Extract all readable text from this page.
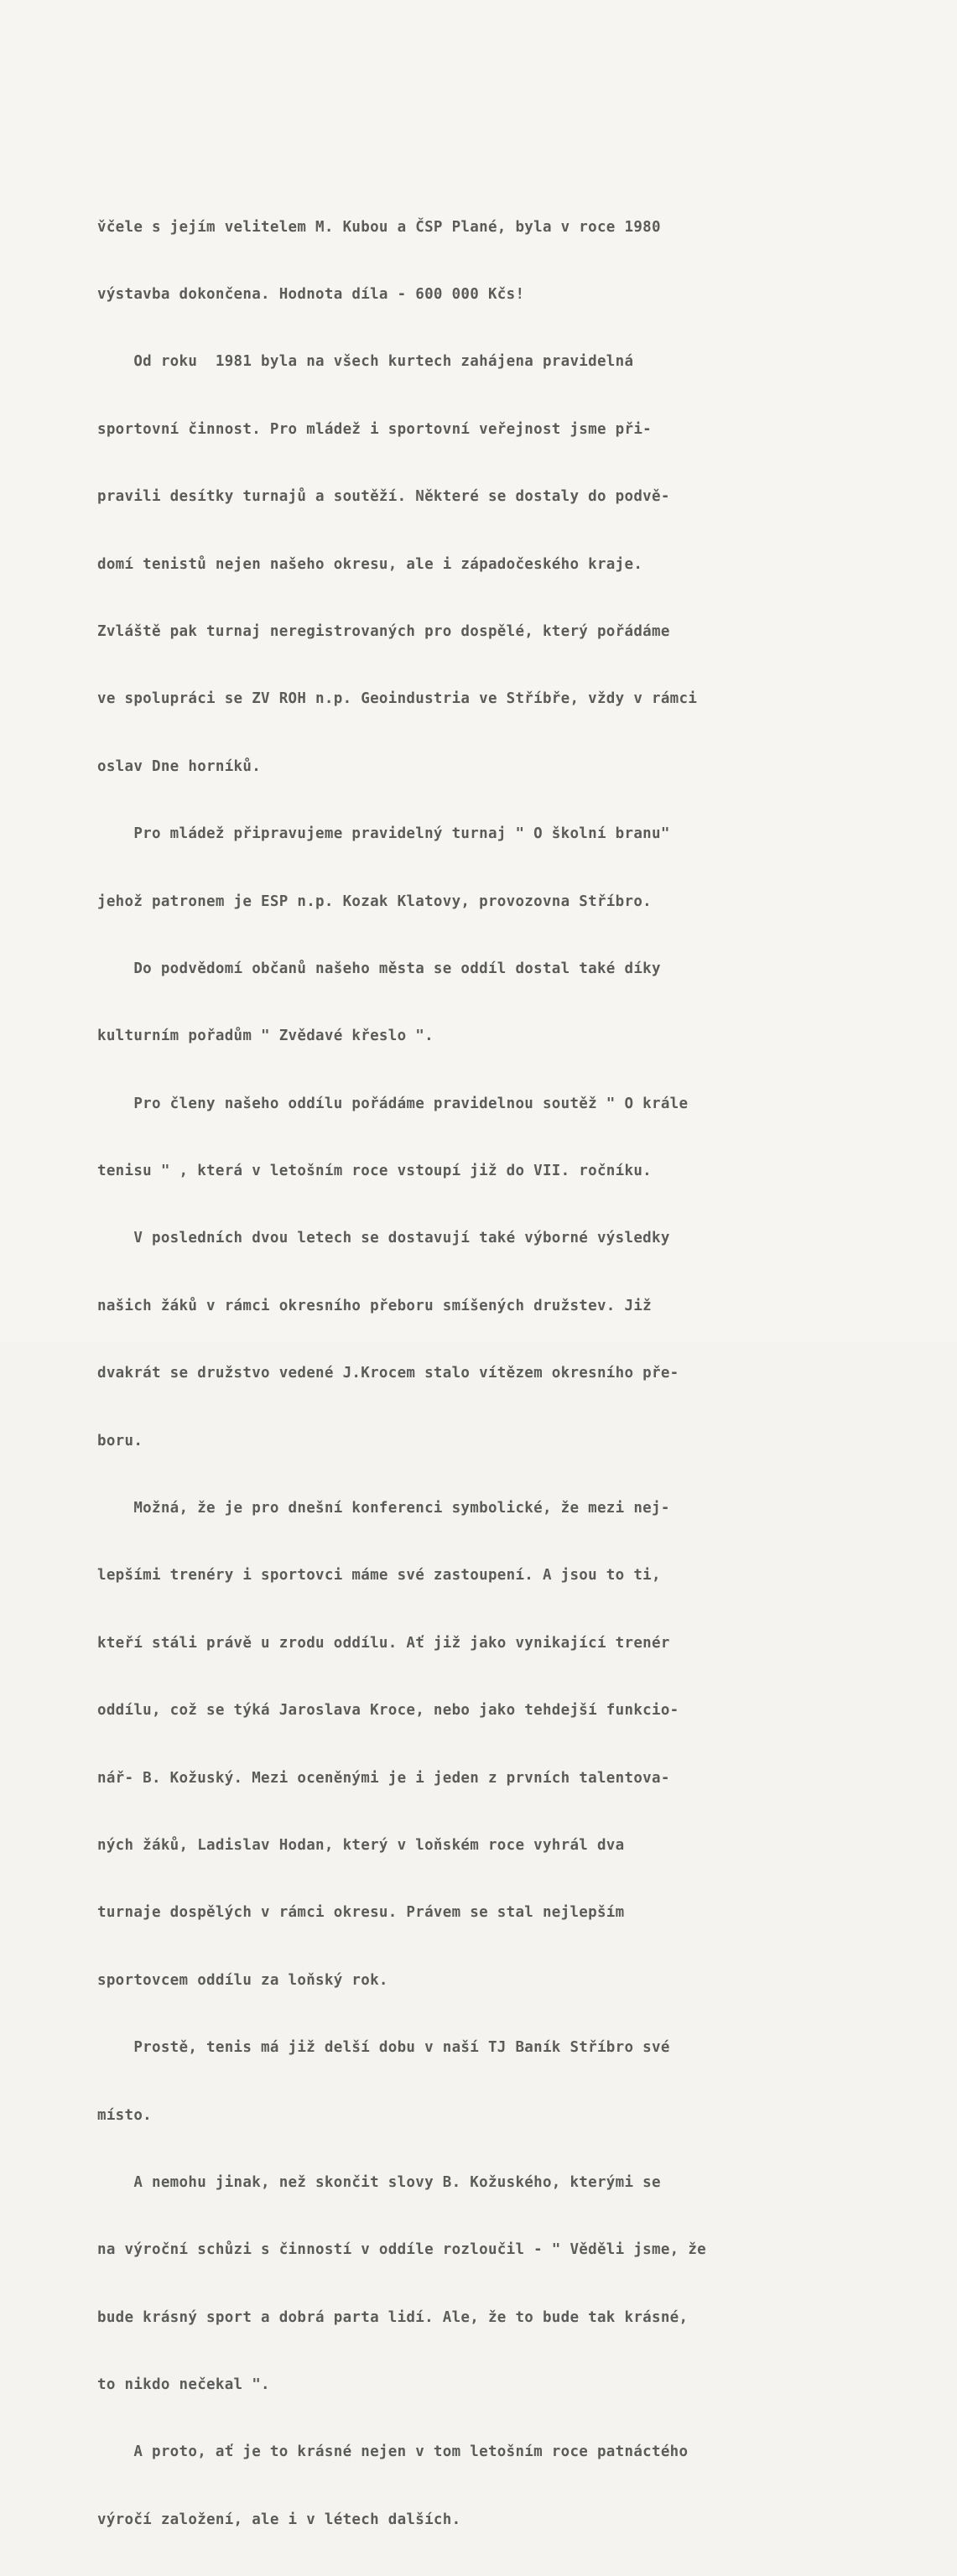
v̌čele s jejím velitelem M. Kubou a ČSP Plané, byla v roce 1980

výstavba dokončena. Hodnota díla - 600 000 Kčs!

Od roku  1981 byla na všech kurtech zahájena pravidelná

sportovní činnost. Pro mládež i sportovní veřejnost jsme při-

pravili desítky turnajů a soutěží. Některé se dostaly do podvě-

domí tenistů nejen našeho okresu, ale i západočeského kraje.

Zvláště pak turnaj neregistrovaných pro dospělé, který pořádáme

ve spolupráci se ZV ROH n.p. Geoindustria ve Stříbře, vždy v rámci

oslav Dne horníků.

Pro mládež připravujeme pravidelný turnaj " O školní branu"

jehož patronem je ESP n.p. Kozak Klatovy, provozovna Stříbro.

Do podvědomí občanů našeho města se oddíl dostal také díky

kulturním pořadům " Zvědavé křeslo ".

Pro členy našeho oddílu pořádáme pravidelnou soutěž " O krále

tenisu " , která v letošním roce vstoupí již do VII. ročníku.

V posledních dvou letech se dostavují také výborné výsledky

našich žáků v rámci okresního přeboru smíšených družstev. Již

dvakrát se družstvo vedené J.Krocem stalo vítězem okresního pře-

boru.

Možná, že je pro dnešní konferenci symbolické, že mezi nej-

lepšími trenéry i sportovci máme své zastoupení. A jsou to ti,

kteří stáli právě u zrodu oddílu. Ať již jako vynikající trenér

oddílu, což se týká Jaroslava Kroce, nebo jako tehdejší funkcio-

nář- B. Kožuský. Mezi oceněnými je i jeden z prvních talentova-

ných žáků, Ladislav Hodan, který v loňském roce vyhrál dva

turnaje dospělých v rámci okresu. Právem se stal nejlepším

sportovcem oddílu za loňský rok.

Prostě, tenis má již delší dobu v naší TJ Baník Stříbro své

místo.

A nemohu jinak, než skončit slovy B. Kožuského, kterými se

na výroční schůzi s činností v oddíle rozloučil - " Věděli jsme, že

bude krásný sport a dobrá parta lidí. Ale, že to bude tak krásné,

to nikdo nečekal ".

A proto, ať je to krásné nejen v tom letošním roce patnáctého

výročí založení, ale i v létech dalších.
